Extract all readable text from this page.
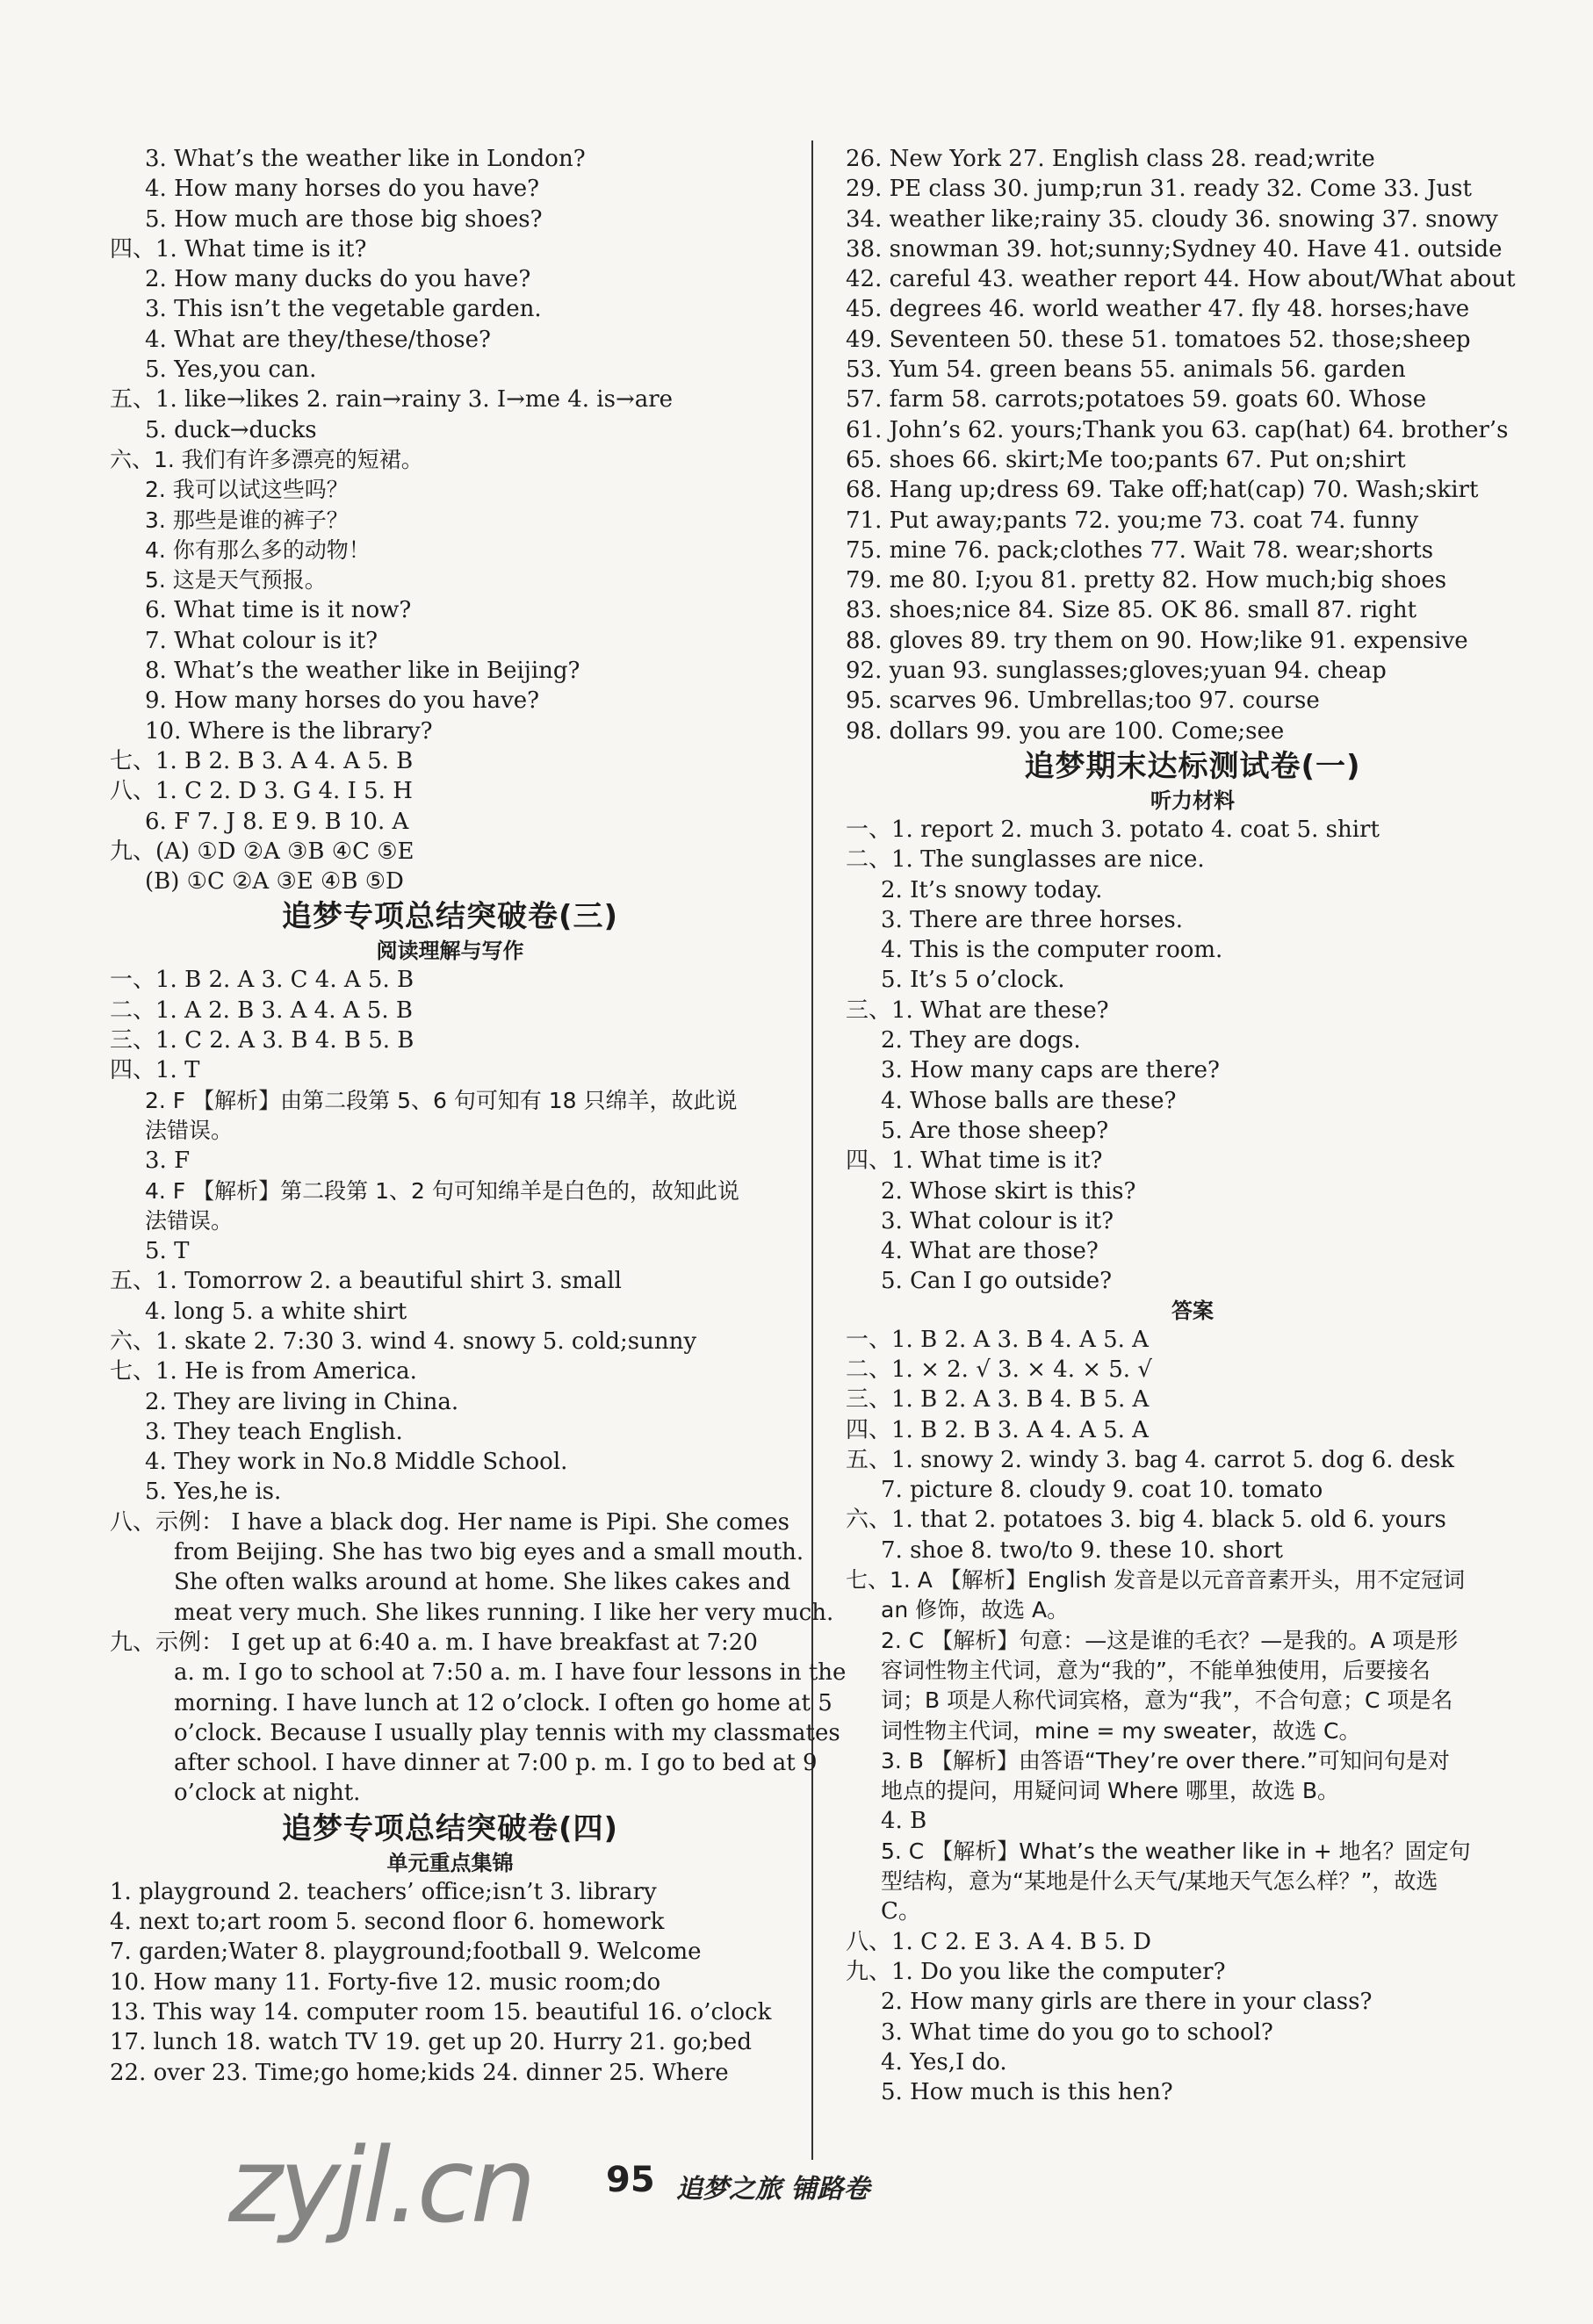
3. What’s the weather like in London?
4. How many horses do you have?
5. How much are those big shoes?
四、1. What time is it?
2. How many ducks do you have?
3. This isn’t the vegetable garden.
4. What are they/these/those?
5. Yes,you can.
五、1. like→likes 2. rain→rainy 3. I→me 4. is→are
5. duck→ducks
六、1. 我们有许多漂亮的短裙。
2. 我可以试这些吗？
3. 那些是谁的裤子？
4. 你有那么多的动物！
5. 这是天气预报。
6. What time is it now?
7. What colour is it?
8. What’s the weather like in Beijing?
9. How many horses do you have?
10. Where is the library?
七、1. B 2. B 3. A 4. A 5. B
八、1. C 2. D 3. G 4. I 5. H
6. F 7. J 8. E 9. B 10. A
九、(A) ①D ②A ③B ④C ⑤E
(B) ①C ②A ③E ④B ⑤D
追梦专项总结突破卷(三)
阅读理解与写作
一、1. B 2. A 3. C 4. A 5. B
二、1. A 2. B 3. A 4. A 5. B
三、1. C 2. A 3. B 4. B 5. B
四、1. T
2. F 【解析】由第二段第 5、6 句可知有 18 只绵羊，故此说
法错误。
3. F
4. F 【解析】第二段第 1、2 句可知绵羊是白色的，故知此说
法错误。
5. T
五、1. Tomorrow 2. a beautiful shirt 3. small
4. long 5. a white shirt
六、1. skate 2. 7:30 3. wind 4. snowy 5. cold;sunny
七、1. He is from America.
2. They are living in China.
3. They teach English.
4. They work in No.8 Middle School.
5. Yes,he is.
八、示例： I have a black dog. Her name is Pipi. She comes
from Beijing. She has two big eyes and a small mouth.
She often walks around at home. She likes cakes and
meat very much. She likes running. I like her very much.
九、示例： I get up at 6:40 a. m. I have breakfast at 7:20
a. m. I go to school at 7:50 a. m. I have four lessons in the
morning. I have lunch at 12 o’clock. I often go home at 5
o’clock. Because I usually play tennis with my classmates
after school. I have dinner at 7:00 p. m. I go to bed at 9
o’clock at night.
追梦专项总结突破卷(四)
单元重点集锦
1. playground 2. teachers’ office;isn’t 3. library
4. next to;art room 5. second floor 6. homework
7. garden;Water 8. playground;football 9. Welcome
10. How many 11. Forty-five 12. music room;do
13. This way 14. computer room 15. beautiful 16. o’clock
17. lunch 18. watch TV 19. get up 20. Hurry 21. go;bed
22. over 23. Time;go home;kids 24. dinner 25. Where
26. New York 27. English class 28. read;write
29. PE class 30. jump;run 31. ready 32. Come 33. Just
34. weather like;rainy 35. cloudy 36. snowing 37. snowy
38. snowman 39. hot;sunny;Sydney 40. Have 41. outside
42. careful 43. weather report 44. How about/What about
45. degrees 46. world weather 47. fly 48. horses;have
49. Seventeen 50. these 51. tomatoes 52. those;sheep
53. Yum 54. green beans 55. animals 56. garden
57. farm 58. carrots;potatoes 59. goats 60. Whose
61. John’s 62. yours;Thank you 63. cap(hat) 64. brother’s
65. shoes 66. skirt;Me too;pants 67. Put on;shirt
68. Hang up;dress 69. Take off;hat(cap) 70. Wash;skirt
71. Put away;pants 72. you;me 73. coat 74. funny
75. mine 76. pack;clothes 77. Wait 78. wear;shorts
79. me 80. I;you 81. pretty 82. How much;big shoes
83. shoes;nice 84. Size 85. OK 86. small 87. right
88. gloves 89. try them on 90. How;like 91. expensive
92. yuan 93. sunglasses;gloves;yuan 94. cheap
95. scarves 96. Umbrellas;too 97. course
98. dollars 99. you are 100. Come;see
追梦期末达标测试卷(一)
听力材料
一、1. report 2. much 3. potato 4. coat 5. shirt
二、1. The sunglasses are nice.
2. It’s snowy today.
3. There are three horses.
4. This is the computer room.
5. It’s 5 o’clock.
三、1. What are these?
2. They are dogs.
3. How many caps are there?
4. Whose balls are these?
5. Are those sheep?
四、1. What time is it?
2. Whose skirt is this?
3. What colour is it?
4. What are those?
5. Can I go outside?
答案
一、1. B 2. A 3. B 4. A 5. A
二、1. × 2. √ 3. × 4. × 5. √
三、1. B 2. A 3. B 4. B 5. A
四、1. B 2. B 3. A 4. A 5. A
五、1. snowy 2. windy 3. bag 4. carrot 5. dog 6. desk
7. picture 8. cloudy 9. coat 10. tomato
六、1. that 2. potatoes 3. big 4. black 5. old 6. yours
7. shoe 8. two/to 9. these 10. short
七、1. A 【解析】English 发音是以元音音素开头，用不定冠词
an 修饰，故选 A。
2. C 【解析】句意：—这是谁的毛衣？—是我的。A 项是形
容词性物主代词，意为“我的”，不能单独使用，后要接名
词；B 项是人称代词宾格，意为“我”，不合句意；C 项是名
词性物主代词，mine = my sweater，故选 C。
3. B 【解析】由答语“They’re over there.”可知问句是对
地点的提问，用疑问词 Where 哪里，故选 B。
4. B
5. C 【解析】What’s the weather like in + 地名？固定句
型结构，意为“某地是什么天气/某地天气怎么样？”，故选
C。
八、1. C 2. E 3. A 4. B 5. D
九、1. Do you like the computer?
2. How many girls are there in your class?
3. What time do you go to school?
4. Yes,I do.
5. How much is this hen?
zyjl.cn 95 追梦之旅 铺路卷
